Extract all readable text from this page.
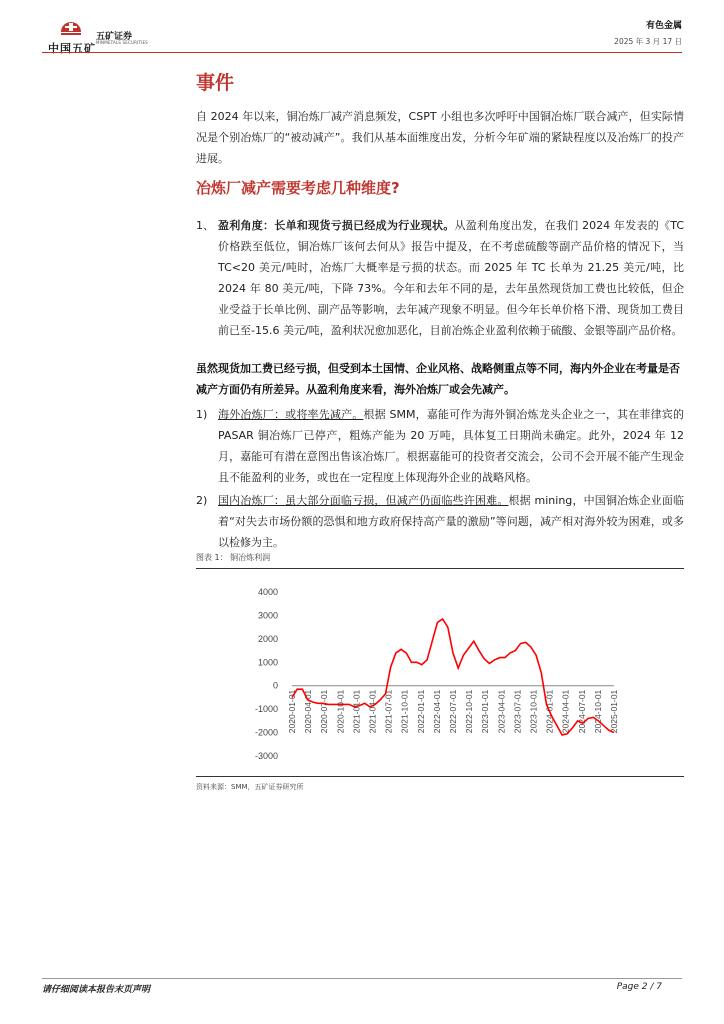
中国五矿
五矿证券
MINMETALS SECURITIES
有色金属
2025 年 3 月 17 日
事件
自 2024 年以来，铜冶炼厂减产消息频发，CSPT 小组也多次呼吁中国铜冶炼厂联合减产，但实际情况是个别冶炼厂的“被动减产”。我们从基本面维度出发，分析今年矿端的紧缺程度以及冶炼厂的投产进展。
冶炼厂减产需要考虑几种维度?
1、 盈利角度：长单和现货亏损已经成为行业现状。从盈利角度出发，在我们 2024 年发表的《TC 价格跌至低位，铜冶炼厂该何去何从》报告中提及，在不考虑硫酸等副产品价格的情况下，当 TC<20 美元/吨时，冶炼厂大概率是亏损的状态。而 2025 年 TC 长单为 21.25 美元/吨，比 2024 年 80 美元/吨，下降 73%。今年和去年不同的是，去年虽然现货加工费也比较低，但企业受益于长单比例、副产品等影响，去年减产现象不明显。但今年长单价格下滑、现货加工费目前已至-15.6 美元/吨，盈利状况愈加恶化，目前冶炼企业盈利依赖于硫酸、金银等副产品价格。
虽然现货加工费已经亏损，但受到本土国情、企业风格、战略侧重点等不同，海内外企业在考量是否减产方面仍有所差异。从盈利角度来看，海外冶炼厂或会先减产。
1) 海外冶炼厂：或将率先减产。根据 SMM，嘉能可作为海外铜冶炼龙头企业之一，其在菲律宾的 PASAR 铜冶炼厂已停产，粗炼产能为 20 万吨，具体复工日期尚未确定。此外，2024 年 12 月，嘉能可有潜在意图出售该冶炼厂。根据嘉能可的投资者交流会，公司不会开展不能产生现金且不能盈利的业务，或也在一定程度上体现海外企业的战略风格。
2) 国内冶炼厂：虽大部分面临亏损，但减产仍面临些许困难。根据 mining，中国铜冶炼企业面临着“对失去市场份额的恐惧和地方政府保持高产量的激励”等问题，减产相对海外较为困难，或多以检修为主。
图表 1： 铜冶炼利润
4000
3000
2000
1000
0
-1000
-2000
-3000
2020-01-01 2020-04-01 2020-07-01 2020-10-01 2021-01-01 2021-04-01 2021-07-01 2021-10-01 2022-01-01 2022-04-01 2022-07-01 2022-10-01 2023-01-01 2023-04-01 2023-07-01 2023-10-01 2024-01-01 2024-04-01 2024-07-01 2024-10-01 2025-01-01
资料来源：SMM，五矿证券研究所
请仔细阅读本报告末页声明	Page 2 / 7
